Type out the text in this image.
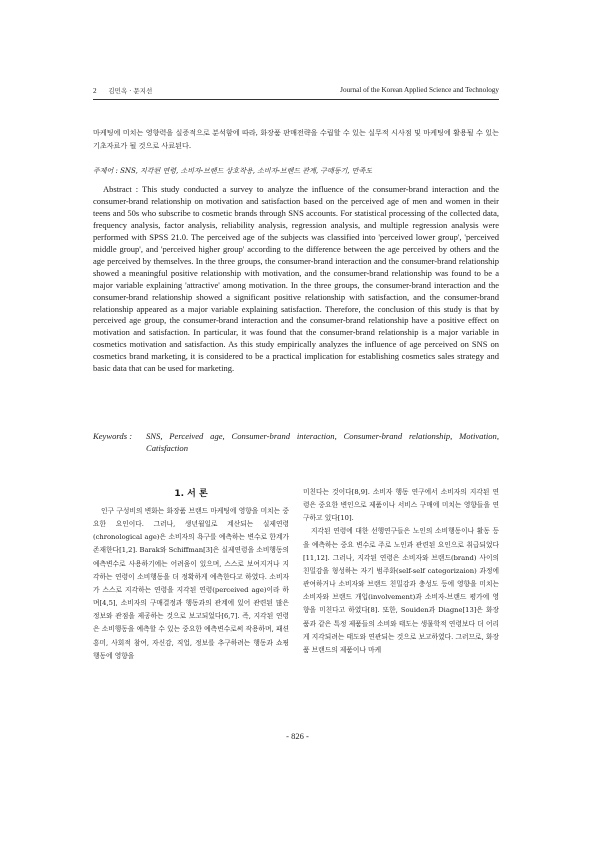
2 김민옥 · 문지선	Journal of the Korean Applied Science and Technology
마케팅에 미치는 영향력을 실증적으로 분석함에 따라, 화장품 판매전략을 수립할 수 있는 실무적 시사점 및 마케팅에 활용될 수 있는 기초자료가 될 것으로 사료된다.
주제어 : SNS, 지각된 연령, 소비자-브랜드 상호작용, 소비자-브랜드 관계, 구매동기, 만족도
Abstract : This study conducted a survey to analyze the influence of the consumer-brand interaction and the consumer-brand relationship on motivation and satisfaction based on the perceived age of men and women in their teens and 50s who subscribe to cosmetic brands through SNS accounts. For statistical processing of the collected data, frequency analysis, factor analysis, reliability analysis, regression analysis, and multiple regression analysis were performed with SPSS 21.0. The perceived age of the subjects was classified into 'perceived lower group', 'perceived middle group', and 'perceived higher group' according to the difference between the age perceived by others and the age perceived by themselves. In the three groups, the consumer-brand interaction and the consumer-brand relationship showed a meaningful positive relationship with motivation, and the consumer-brand relationship was found to be a major variable explaining 'attractive' among motivation. In the three groups, the consumer-brand interaction and the consumer-brand relationship showed a significant positive relationship with satisfaction, and the consumer-brand relationship appeared as a major variable explaining satisfaction. Therefore, the conclusion of this study is that by perceived age group, the consumer-brand interaction and the consumer-brand relationship have a positive effect on motivation and satisfaction. In particular, it was found that the consumer-brand relationship is a major variable in cosmetics motivation and satisfaction. As this study empirically analyzes the influence of age perceived on SNS on cosmetics brand marketing, it is considered to be a practical implication for establishing cosmetics sales strategy and basic data that can be used for marketing.
Keywords : SNS, Perceived age, Consumer-brand interaction, Consumer-brand relationship, Motivation, Catisfaction
1. 서 론

인구 구성비의 변화는 화장품 브랜드 마케팅에 영향을 미치는 중요한 요인이다. 그러나, 생년월일로 계산되는 실제연령(chronological age)은 소비자의 욕구를 예측하는 변수로 한계가 존재한다[1,2]. Barak와 Schiffman[3]은 실제연령을 소비행동의 예측변수로 사용하기에는 어려움이 있으며, 스스로 보여지거나 지각하는 연령이 소비행동을 더 정확하게 예측한다고 하였다. 소비자가 스스로 지각하는 연령을 지각된 연령(perceived age)이라 하며[4,5], 소비자의 구매결정과 행동과의 관계에 있어 관련된 많은 정보와 관점을 제공하는 것으로 보고되었다[6,7]. 즉, 지각된 연령은 소비행동을 예측할 수 있는 중요한 예측변수로써 작용하며, 패션 흥미, 사회적 참여, 자신감, 직업, 정보를 추구하려는 행동과 쇼핑 행동에 영향을

미친다는 것이다[8,9]. 소비자 행동 연구에서 소비자의 지각된 연령은 중요한 변인으로 제품이나 서비스 구매에 미치는 영향들을 연구하고 있다[10].

지각된 연령에 대한 선행연구들은 노인의 소비행동이나 활동 등을 예측하는 중요 변수로 주로 노인과 관련된 요인으로 취급되었다[11,12]. 그러나, 지각된 연령은 소비자와 브랜드(brand) 사이의 친밀감을 형성하는 자기 범주화(self-self categorizaion) 과정에 관여하거나 소비자와 브랜드 친밀감과 충성도 등에 영향을 미치는 소비자와 브랜드 개입(involvement)과 소비자-브랜드 평가에 영향을 미친다고 하였다[8]. 또한, Souiden과 Diagne[13]은 화장품과 같은 특정 제품들의 소비와 태도는 생물학적 연령보다 더 어리게 지각되려는 태도와 연관되는 것으로 보고하였다. 그러므로, 화장품 브랜드의 제품이나 마케

- 826 -
